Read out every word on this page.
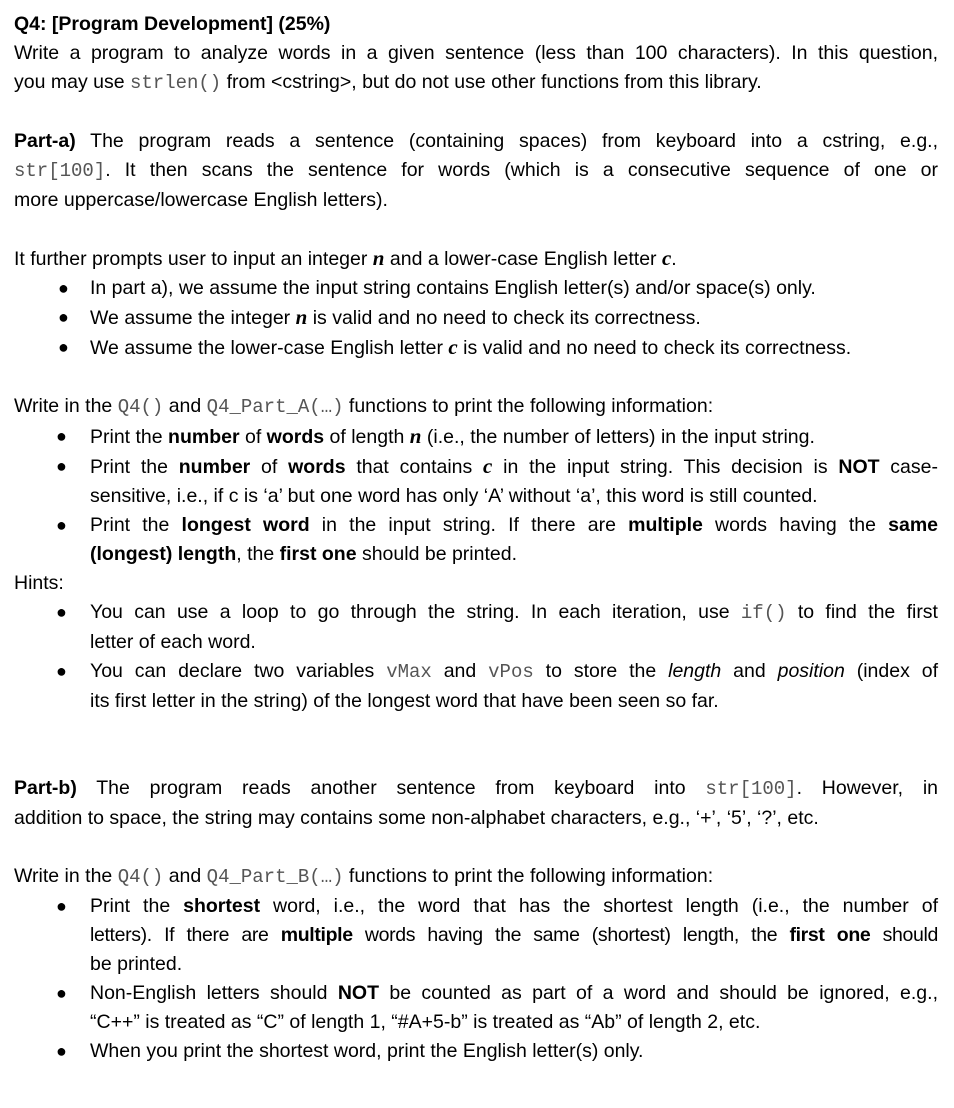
Q4: [Program Development] (25%)

Write a program to analyze words in a given sentence (less than 100 characters). In this question,

you may use strlen() from <cstring>, but do not use other functions from this library.

Part-a) The program reads a sentence (containing spaces) from keyboard into a cstring, e.g.,

str[100]. It then scans the sentence for words (which is a consecutive sequence of one or

more uppercase/lowercase English letters).

It further prompts user to input an integer n and a lower-case English letter c.

● In part a), we assume the input string contains English letter(s) and/or space(s) only.

● We assume the integer n is valid and no need to check its correctness.

● We assume the lower-case English letter c is valid and no need to check its correctness.

Write in the Q4() and Q4_Part_A(…) functions to print the following information:

● Print the number of words of length n (i.e., the number of letters) in the input string.

● Print the number of words that contains c in the input string. This decision is NOT case-

sensitive, i.e., if c is ‘a’ but one word has only ‘A’ without ‘a’, this word is still counted.

● Print the longest word in the input string. If there are multiple words having the same

(longest) length, the first one should be printed.

Hints:

● You can use a loop to go through the string. In each iteration, use if() to find the first

letter of each word.

● You can declare two variables vMax and vPos to store the length and position (index of

its first letter in the string) of the longest word that have been seen so far.

Part-b) The program reads another sentence from keyboard into str[100]. However, in

addition to space, the string may contains some non-alphabet characters, e.g., ‘+’, ‘5’, ‘?’, etc.

Write in the Q4() and Q4_Part_B(…) functions to print the following information:

● Print the shortest word, i.e., the word that has the shortest length (i.e., the number of

letters). If there are multiple words having the same (shortest) length, the first one should

be printed.

● Non-English letters should NOT be counted as part of a word and should be ignored, e.g.,

“C++” is treated as “C” of length 1, “#A+5-b” is treated as “Ab” of length 2, etc.

● When you print the shortest word, print the English letter(s) only.
